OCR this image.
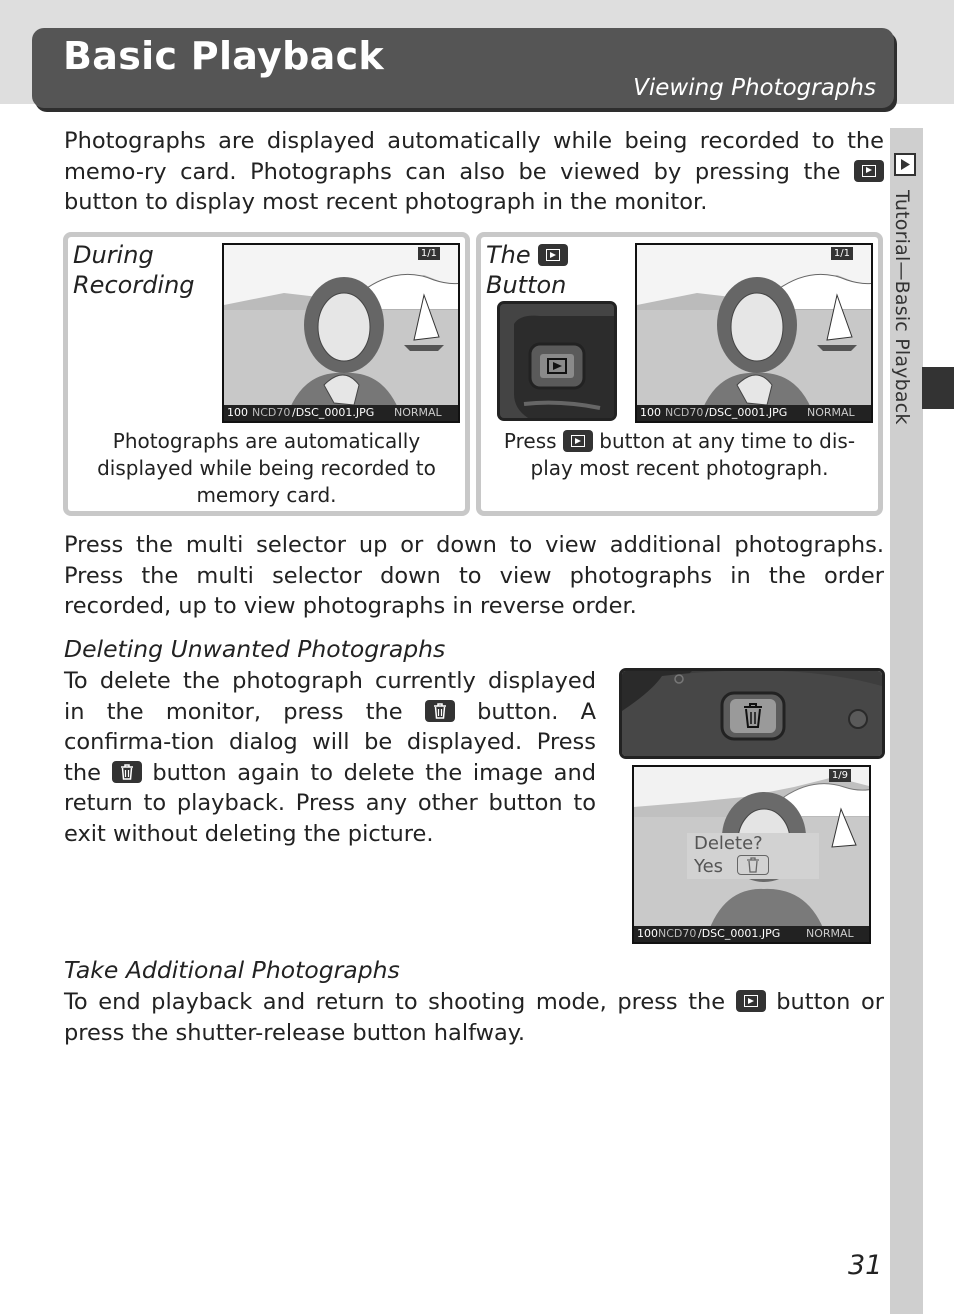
Basic Playback
Viewing Photographs
Tutorial—Basic Playback
Photographs are displayed automatically while being recorded to the memo-ry card. Photographs can also be viewed by pressing the
button to display most recent photograph in the monitor.
During
Recording
1/1
100 NCD70 /DSC_0001.JPG NORMAL
Photographs are automatically displayed while being recorded to memory card.
The
Button
1/1
100 NCD70 /DSC_0001.JPG NORMAL
Press button at any time to dis-play most recent photograph.
Press the multi selector up or down to view additional photographs. Press the multi selector down to view photographs in the order recorded, up to view photographs in reverse order.
Deleting Unwanted Photographs
To delete the photograph currently displayed in the monitor, press the	button. A confirma-tion dialog will be displayed. Press the button again to delete the image and return to playback. Press any other button to exit without deleting the picture.
1/9
Delete?
Yes
100 NCD70 /DSC_0001.JPG NORMAL
Take Additional Photographs
To end playback and return to shooting mode, press the button or press the shutter-release button halfway.
31
